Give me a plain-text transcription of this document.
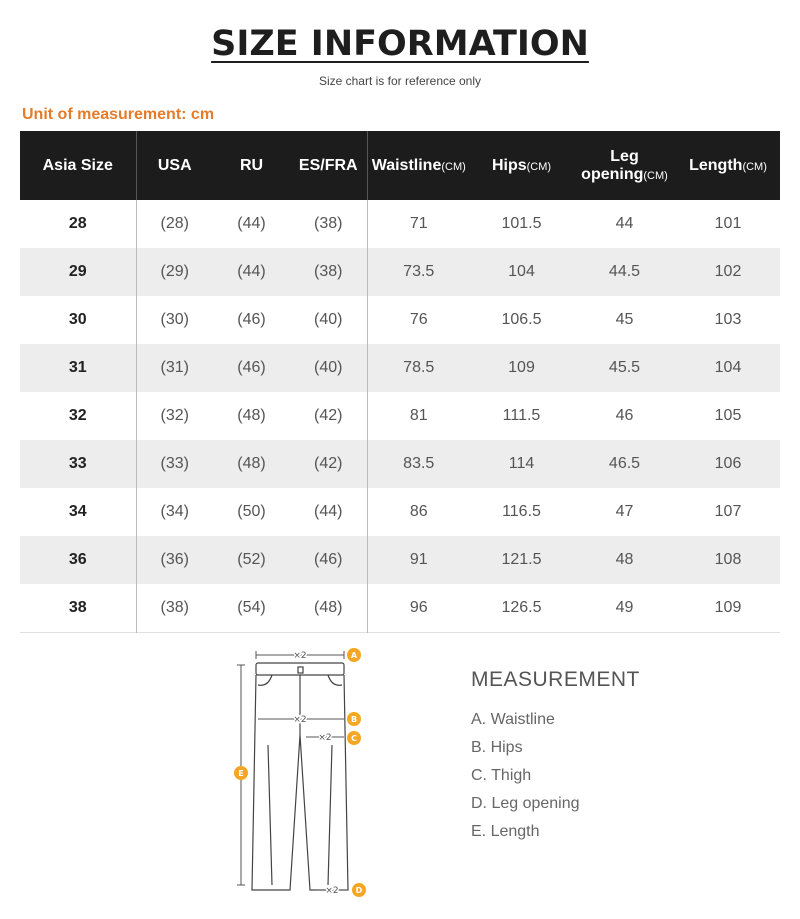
SIZE INFORMATION
Size chart is for reference only
Unit of measurement: cm
Asia Size	USA	RU	ES/FRA	Waistline(CM)	Hips(CM)	Leg opening(CM)	Length(CM)
28	(28)	(44)	(38)	71	101.5	44	101
29	(29)	(44)	(38)	73.5	104	44.5	102
30	(30)	(46)	(40)	76	106.5	45	103
31	(31)	(46)	(40)	78.5	109	45.5	104
32	(32)	(48)	(42)	81	111.5	46	105
33	(33)	(48)	(42)	83.5	114	46.5	106
34	(34)	(50)	(44)	86	116.5	47	107
36	(36)	(52)	(46)	91	121.5	48	108
38	(38)	(54)	(48)	96	126.5	49	109
×2
×2
×2
×2
A
B
C
D
E
MEASUREMENT
A. Waistline
B. Hips
C. Thigh
D. Leg opening
E. Length
